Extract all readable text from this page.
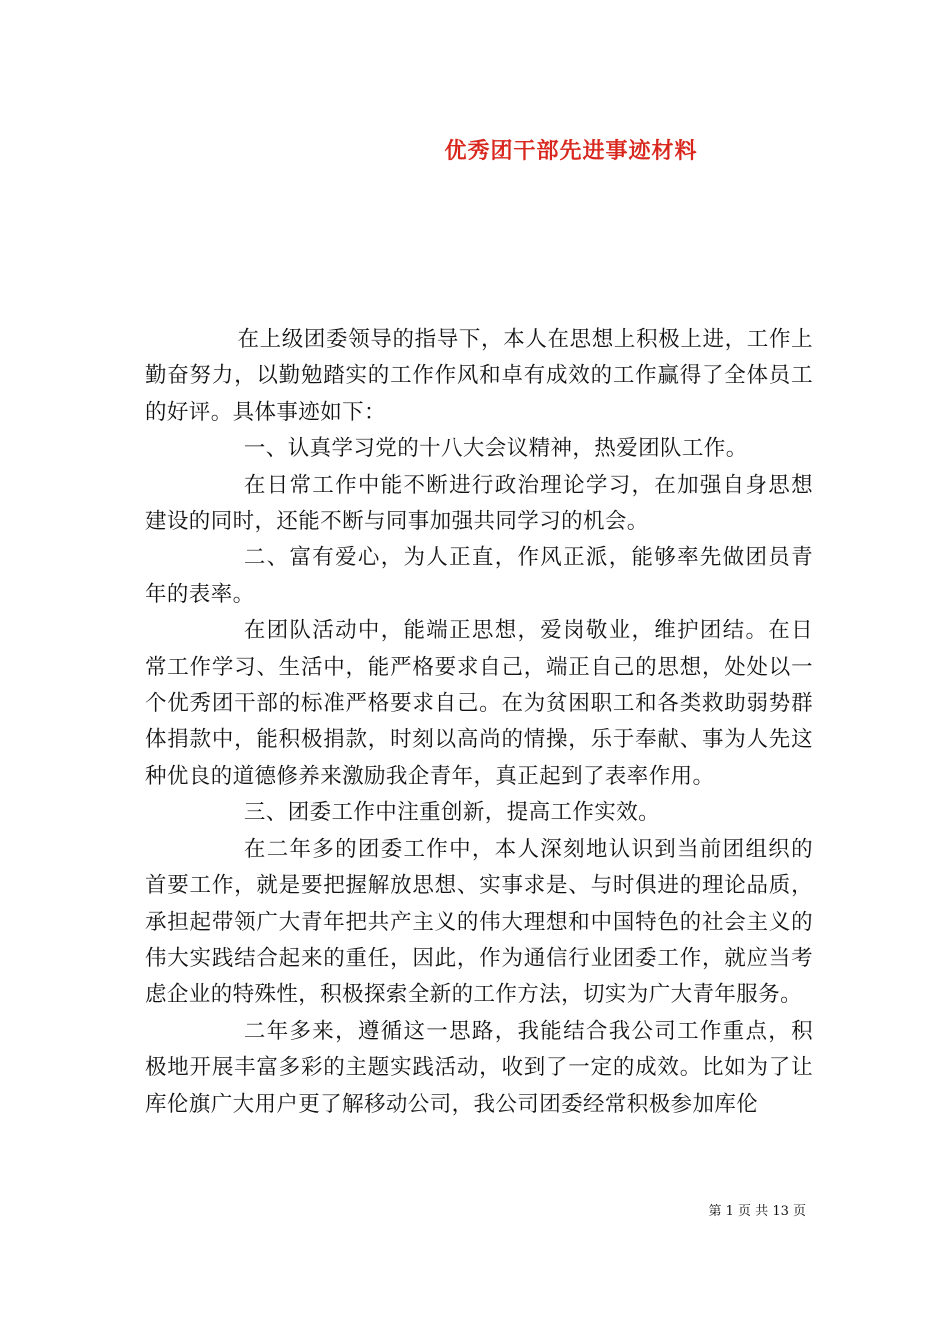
优秀团干部先进事迹材料

在上级团委领导的指导下，本人在思想上积极上进，工作上勤奋努力，以勤勉踏实的工作作风和卓有成效的工作赢得了全体员工的好评。具体事迹如下：

一、认真学习党的十八大会议精神，热爱团队工作。

在日常工作中能不断进行政治理论学习，在加强自身思想建设的同时，还能不断与同事加强共同学习的机会。

二、富有爱心，为人正直，作风正派，能够率先做团员青年的表率。

在团队活动中，能端正思想，爱岗敬业，维护团结。在日常工作学习、生活中，能严格要求自己，端正自己的思想，处处以一个优秀团干部的标准严格要求自己。在为贫困职工和各类救助弱势群体捐款中，能积极捐款，时刻以高尚的情操，乐于奉献、事为人先这种优良的道德修养来激励我企青年，真正起到了表率作用。

三、团委工作中注重创新，提高工作实效。

在二年多的团委工作中，本人深刻地认识到当前团组织的首要工作，就是要把握解放思想、实事求是、与时俱进的理论品质，承担起带领广大青年把共产主义的伟大理想和中国特色的社会主义的伟大实践结合起来的重任，因此，作为通信行业团委工作，就应当考虑企业的特殊性，积极探索全新的工作方法，切实为广大青年服务。

二年多来，遵循这一思路，我能结合我公司工作重点，积极地开展丰富多彩的主题实践活动，收到了一定的成效。比如为了让库伦旗广大用户更了解移动公司，我公司团委经常积极参加库伦

第 1 页 共 13 页
